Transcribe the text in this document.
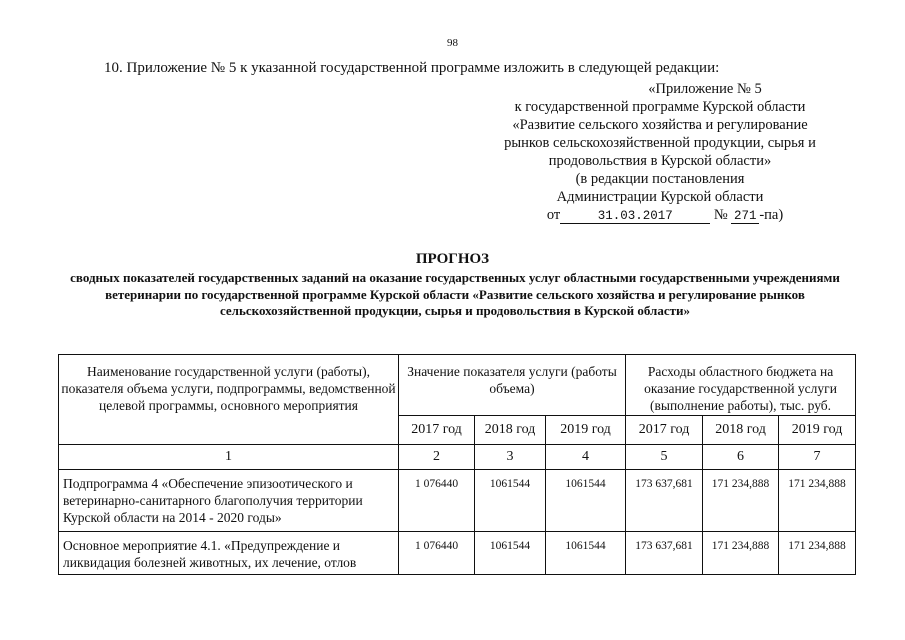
98
10. Приложение № 5 к указанной государственной программе изложить в следующей редакции:
«Приложение № 5
к государственной программе Курской области
«Развитие сельского хозяйства и регулирование
рынков сельскохозяйственной продукции, сырья и
продовольствия в Курской области»
(в редакции постановления
Администрации Курской области
от	31.03.2017	№ 271 -па)
ПРОГНОЗ
сводных показателей государственных заданий на оказание государственных услуг областными государственными учреждениями ветеринарии по государственной программе Курской области «Развитие сельского хозяйства и регулирование рынков сельскохозяйственной продукции, сырья и продовольствия в Курской области»
Наименование государственной услуги (работы), показателя объема услуги, подпрограммы, ведомственной целевой программы, основного мероприятия	Значение показателя услуги (работы объема)			Расходы областного бюджета на оказание государственной услуги (выполнение работы), тыс. руб.		
	2017 год	2018 год	2019 год	2017 год	2018 год	2019 год
1	2	3	4	5	6	7
Подпрограмма 4 «Обеспечение эпизоотического и ветеринарно-санитарного благополучия территории Курской области на 2014 - 2020 годы»	1 076440	1061544	1061544	173 637,681	171 234,888	171 234,888

Основное мероприятие 4.1. «Предупреждение и ликвидация болезней животных, их лечение, отлов	1 076440	1061544	1061544	173 637,681	171 234,888	171 234,888
